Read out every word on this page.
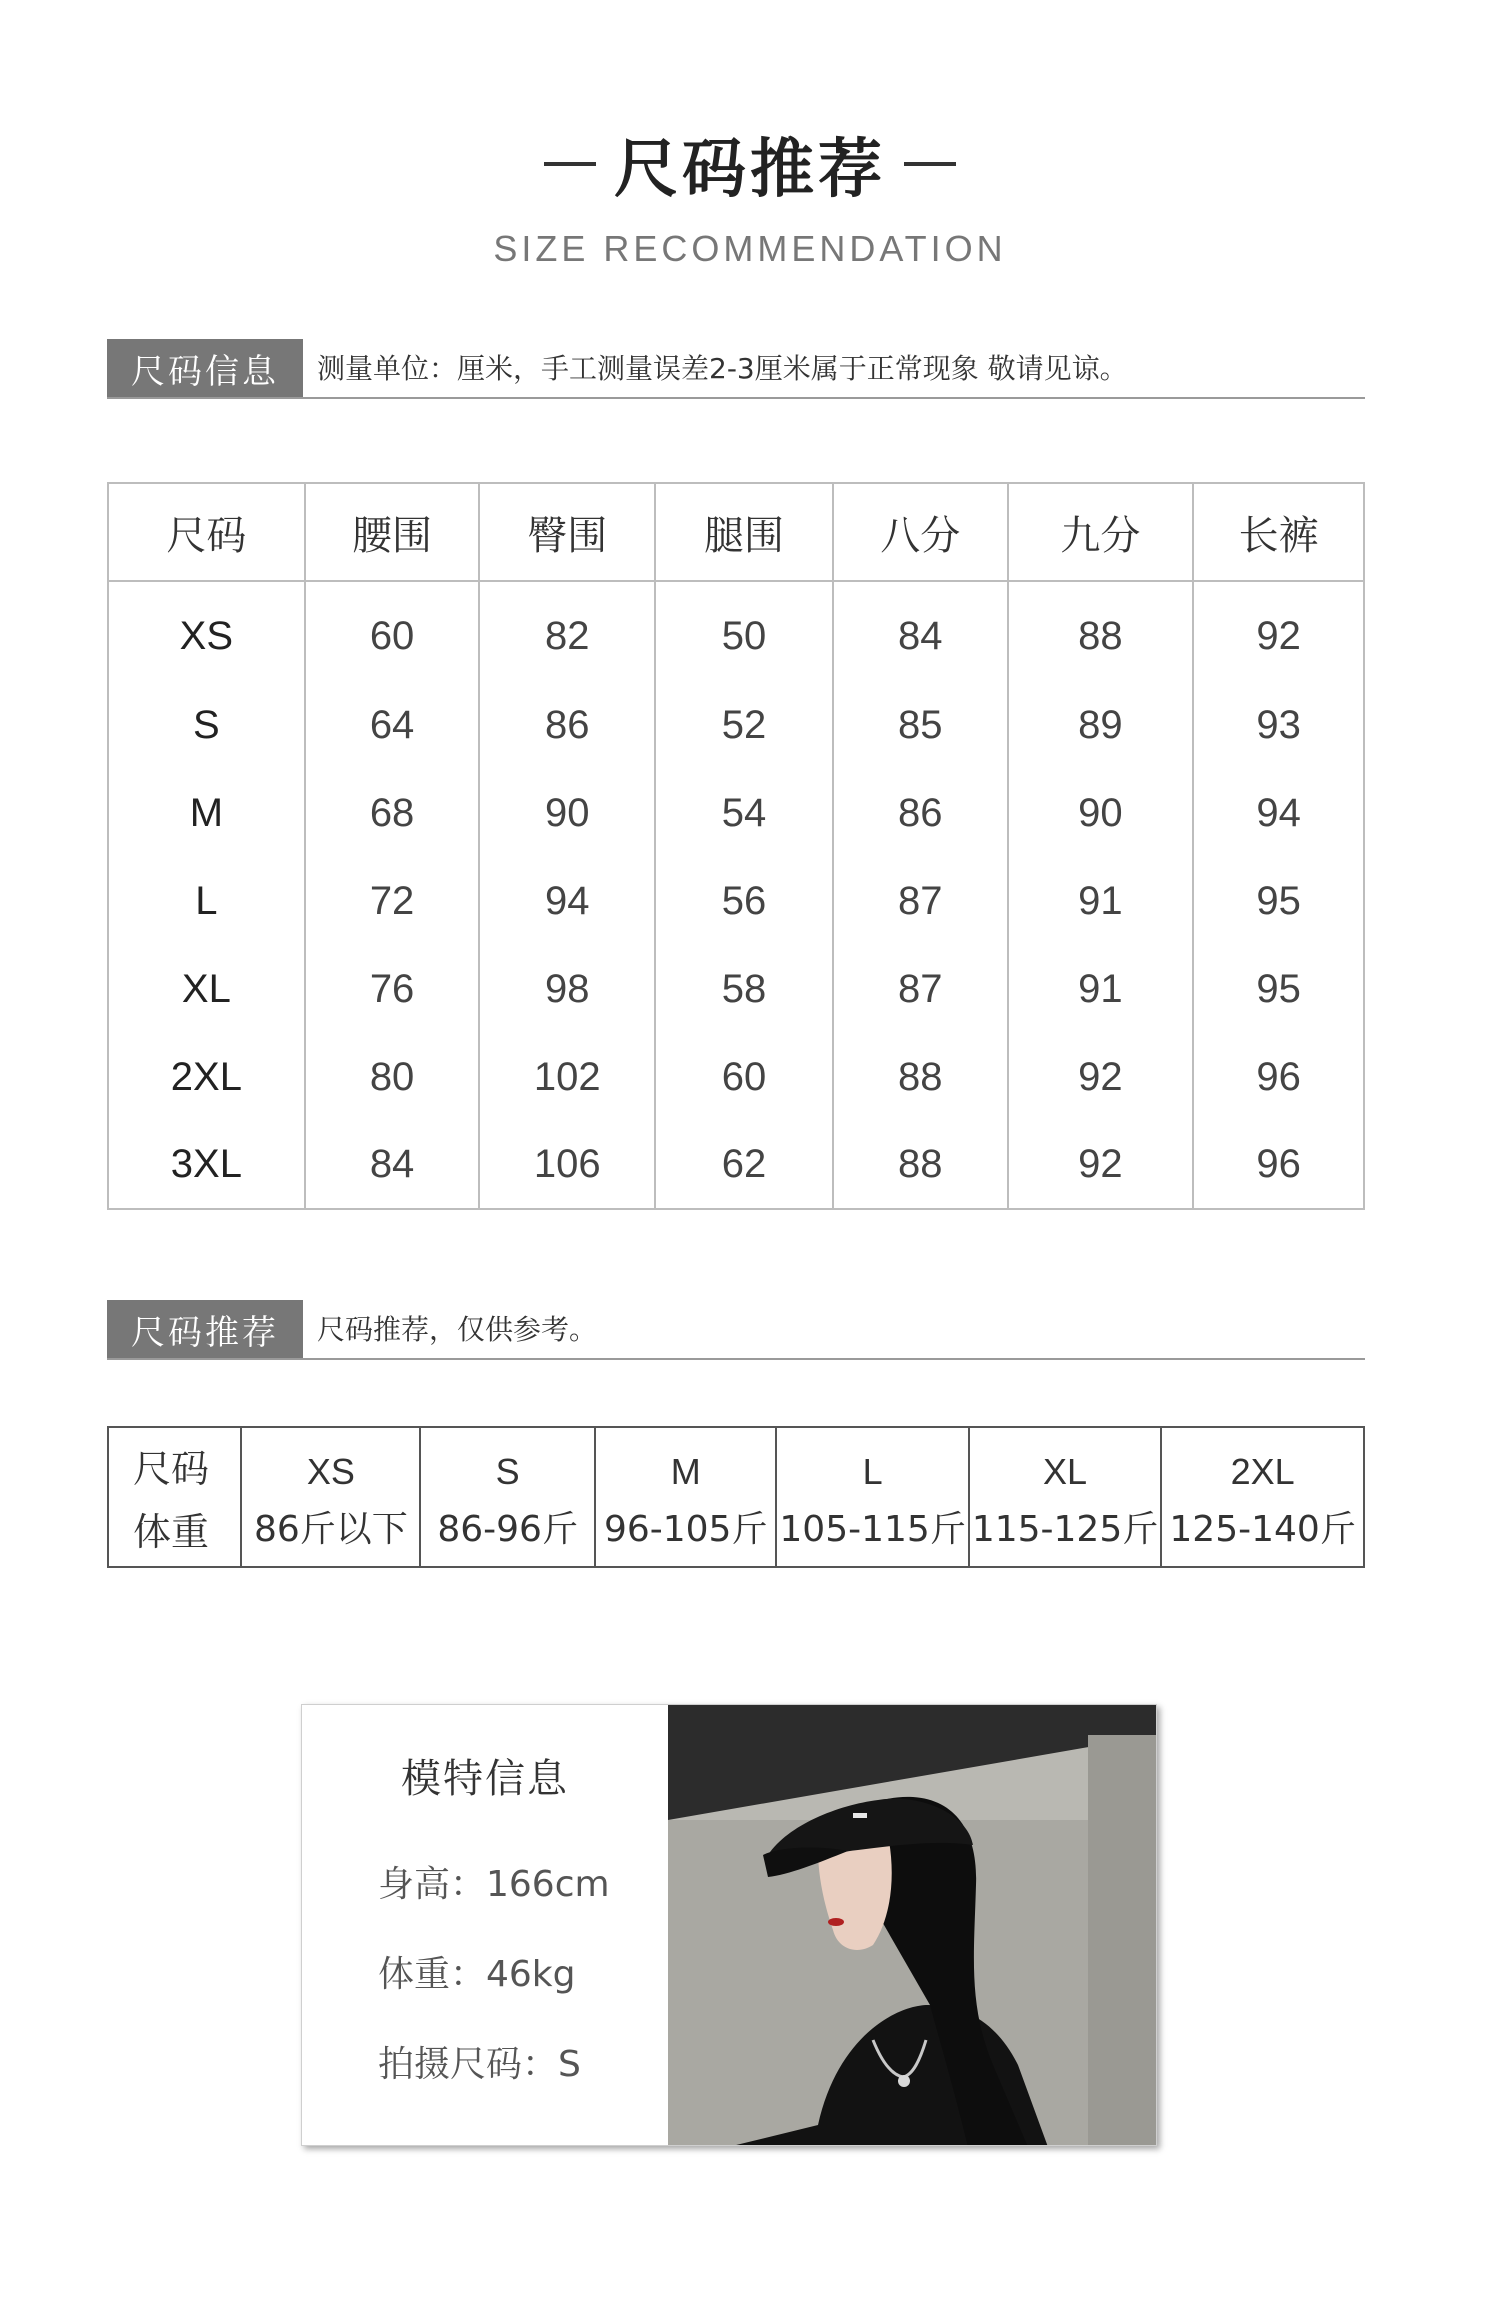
尺码推荐
SIZE RECOMMENDATION
尺码信息	测量单位：厘米，手工测量误差2-3厘米属于正常现象 敬请见谅。
尺码	腰围	臀围	腿围	八分	九分	长裤
XS	60	82	50	84	88	92
S	64	86	52	85	89	93
M	68	90	54	86	90	94
L	72	94	56	87	91	95
XL	76	98	58	87	91	95
2XL	80	102	60	88	92	96
3XL	84	106	62	88	92	96
尺码推荐	尺码推荐，仅供参考。
尺码	XS	S	M	L	XL	2XL
体重	86斤以下	86-96斤	96-105斤	105-115斤	115-125斤	125-140斤
模特信息
身高：166cm
体重：46kg
拍摄尺码：S
